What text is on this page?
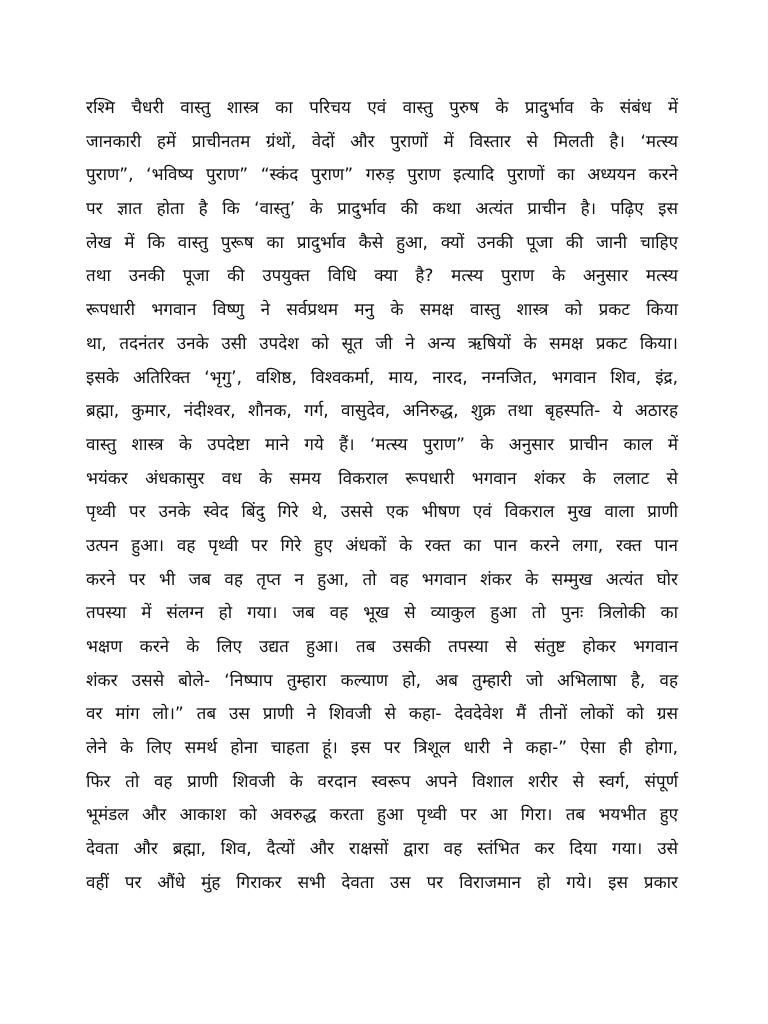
रश्मि चैधरी वास्तु शास्त्र का परिचय एवं वास्तु पुरुष के प्रादुर्भाव के संबंध में
जानकारी हमें प्राचीनतम ग्रंथों, वेदों और पुराणों में विस्तार से मिलती है। ‘मत्स्य
पुराण”, ‘भविष्य पुराण” “स्कंद पुराण” गरुड़ पुराण इत्यादि पुराणों का अध्ययन करने
पर ज्ञात होता है कि ‘वास्तु’ के प्रादुर्भाव की कथा अत्यंत प्राचीन है। पढ़िए इस
लेख में कि वास्तु पुरूष का प्रादुर्भाव कैसे हुआ, क्यों उनकी पूजा की जानी चाहिए
तथा उनकी पूजा की उपयुक्त विधि क्या है? मत्स्य पुराण के अनुसार मत्स्य
रूपधारी भगवान विष्णु ने सर्वप्रथम मनु के समक्ष वास्तु शास्त्र को प्रकट किया
था, तदनंतर उनके उसी उपदेश को सूत जी ने अन्य ऋषियों के समक्ष प्रकट किया।
इसके अतिरिक्त ‘भृगु’, वशिष्ठ, विश्वकर्मा, माय, नारद, नग्नजित, भगवान शिव, इंद्र,
ब्रह्मा, कुमार, नंदीश्वर, शौनक, गर्ग, वासुदेव, अनिरुद्ध, शुक्र तथा बृहस्पति- ये अठारह
वास्तु शास्त्र के उपदेष्टा माने गये हैं। ‘मत्स्य पुराण” के अनुसार प्राचीन काल में
भयंकर अंधकासुर वध के समय विकराल रूपधारी भगवान शंकर के ललाट से
पृथ्वी पर उनके स्वेद बिंदु गिरे थे, उससे एक भीषण एवं विकराल मुख वाला प्राणी
उत्पन हुआ। वह पृथ्वी पर गिरे हुए अंधकों के रक्त का पान करने लगा, रक्त पान
करने पर भी जब वह तृप्त न हुआ, तो वह भगवान शंकर के सम्मुख अत्यंत घोर
तपस्या में संलग्न हो गया। जब वह भूख से व्याकुल हुआ तो पुनः त्रिलोकी का
भक्षण करने के लिए उद्यत हुआ। तब उसकी तपस्या से संतुष्ट होकर भगवान
शंकर उससे बोले- ‘निष्पाप तुम्हारा कल्याण हो, अब तुम्हारी जो अभिलाषा है, वह
वर मांग लो।” तब उस प्राणी ने शिवजी से कहा- देवदेवेश मैं तीनों लोकों को ग्रस
लेने के लिए समर्थ होना चाहता हूं। इस पर त्रिशूल धारी ने कहा-” ऐसा ही होगा,
फिर तो वह प्राणी शिवजी के वरदान स्वरूप अपने विशाल शरीर से स्वर्ग, संपूर्ण
भूमंडल और आकाश को अवरुद्ध करता हुआ पृथ्वी पर आ गिरा। तब भयभीत हुए
देवता और ब्रह्मा, शिव, दैत्यों और राक्षसों द्वारा वह स्तंभित कर दिया गया। उसे
वहीं पर औंधे मुंह गिराकर सभी देवता उस पर विराजमान हो गये। इस प्रकार
